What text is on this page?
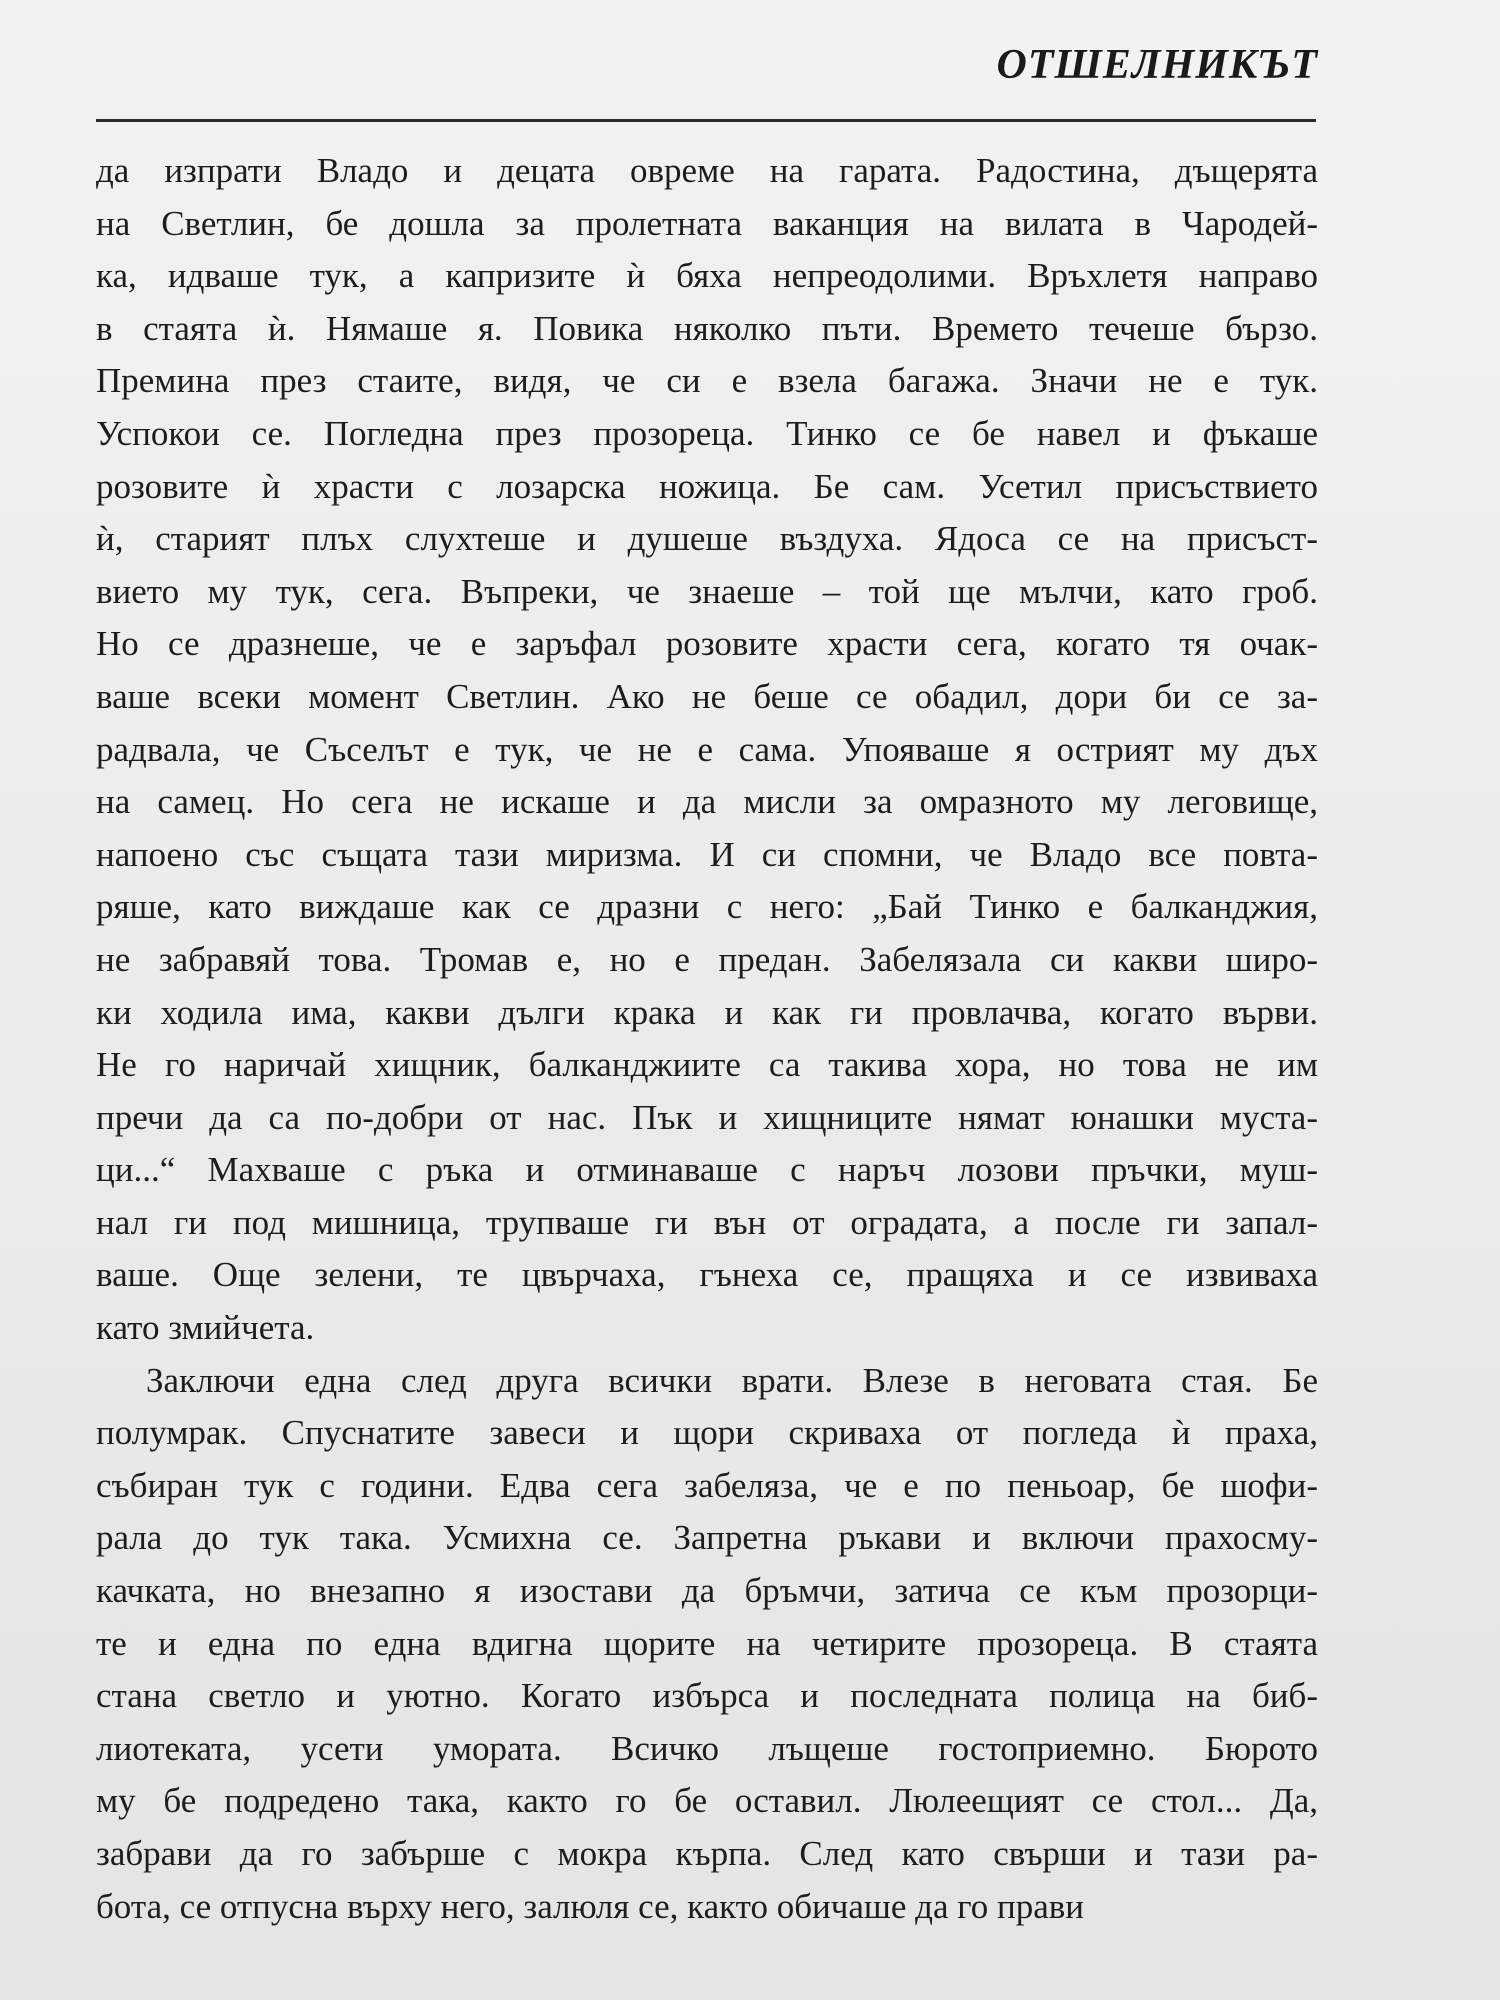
ОТШЕЛНИКЪТ
да изпрати Владо и децата овреме на гарата. Радостина, дъщерята
на Светлин, бе дошла за пролетната ваканция на вилата в Чародей-
ка, идваше тук, а капризите ѝ бяха непреодолими. Връхлетя направо
в стаята ѝ. Нямаше я. Повика няколко пъти. Времето течеше бързо.
Премина през стаите, видя, че си е взела багажа. Значи не е тук.
Успокои се. Погледна през прозореца. Тинко се бе навел и фъкаше
розовите ѝ храсти с лозарска ножица. Бе сам. Усетил присъствието
ѝ, старият плъх слухтеше и душеше въздуха. Ядоса се на присъст-
вието му тук, сега. Въпреки, че знаеше – той ще мълчи, като гроб.
Но се дразнеше, че е заръфал розовите храсти сега, когато тя очак-
ваше всеки момент Светлин. Ако не беше се обадил, дори би се за-
радвала, че Съселът е тук, че не е сама. Упояваше я острият му дъх
на самец. Но сега не искаше и да мисли за омразното му леговище,
напоено със същата тази миризма. И си спомни, че Владо все повта-
ряше, като виждаше как се дразни с него: „Бай Тинко е балканджия,
не забравяй това. Тромав е, но е предан. Забелязала си какви широ-
ки ходила има, какви дълги крака и как ги провлачва, когато върви.
Не го наричай хищник, балканджиите са такива хора, но това не им
пречи да са по-добри от нас. Пък и хищниците нямат юнашки муста-
ци...“ Махваше с ръка и отминаваше с наръч лозови пръчки, муш-
нал ги под мишница, трупваше ги вън от оградата, а после ги запал-
ваше. Още зелени, те цвърчаха, гънеха се, пращяха и се извиваха
като змийчета.
Заключи една след друга всички врати. Влезе в неговата стая. Бе
полумрак. Спуснатите завеси и щори скриваха от погледа ѝ праха,
събиран тук с години. Едва сега забеляза, че е по пеньоар, бе шофи-
рала до тук така. Усмихна се. Запретна ръкави и включи прахосму-
качката, но внезапно я изостави да бръмчи, затича се към прозорци-
те и една по една вдигна щорите на четирите прозореца. В стаята
стана светло и уютно. Когато избърса и последната полица на биб-
лиотеката, усети умората. Всичко лъщеше гостоприемно. Бюрото
му бе подредено така, както го бе оставил. Люлеещият се стол... Да,
забрави да го забърше с мокра кърпа. След като свърши и тази ра-
бота, се отпусна върху него, залюля се, както обичаше да го прави
